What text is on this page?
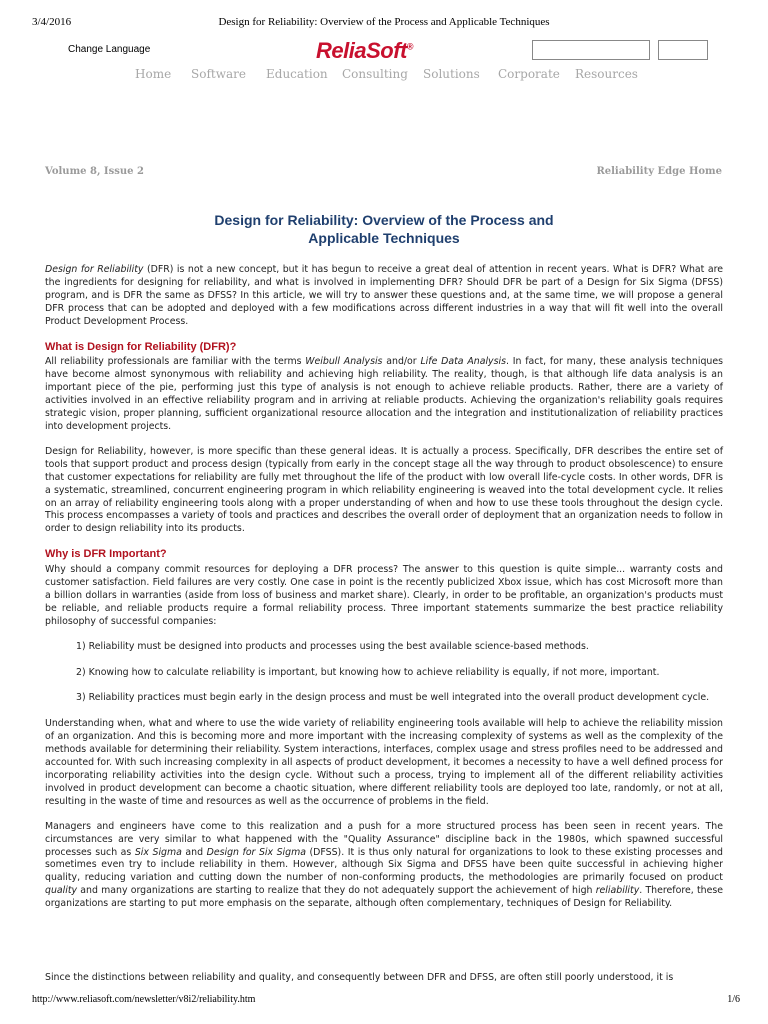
3/4/2016	Design for Reliability: Overview of the Process and Applicable Techniques
Change Language	ReliaSoft®
Home Software Education Consulting Solutions Corporate Resources
Volume 8, Issue 2	Reliability Edge Home
Design for Reliability: Overview of the Process and
Applicable Techniques

Design for Reliability (DFR) is not a new concept, but it has begun to receive a great deal of attention in recent years. What is DFR? What are the ingredients for designing for reliability, and what is involved in implementing DFR? Should DFR be part of a Design for Six Sigma (DFSS) program, and is DFR the same as DFSS? In this article, we will try to answer these questions and, at the same time, we will propose a general DFR process that can be adopted and deployed with a few modifications across different industries in a way that will fit well into the overall Product Development Process.

What is Design for Reliability (DFR)?

All reliability professionals are familiar with the terms Weibull Analysis and/or Life Data Analysis. In fact, for many, these analysis techniques have become almost synonymous with reliability and achieving high reliability. The reality, though, is that although life data analysis is an important piece of the pie, performing just this type of analysis is not enough to achieve reliable products. Rather, there are a variety of activities involved in an effective reliability program and in arriving at reliable products. Achieving the organization's reliability goals requires strategic vision, proper planning, sufficient organizational resource allocation and the integration and institutionalization of reliability practices into development projects.

Design for Reliability, however, is more specific than these general ideas. It is actually a process. Specifically, DFR describes the entire set of tools that support product and process design (typically from early in the concept stage all the way through to product obsolescence) to ensure that customer expectations for reliability are fully met throughout the life of the product with low overall life-cycle costs. In other words, DFR is a systematic, streamlined, concurrent engineering program in which reliability engineering is weaved into the total development cycle. It relies on an array of reliability engineering tools along with a proper understanding of when and how to use these tools throughout the design cycle. This process encompasses a variety of tools and practices and describes the overall order of deployment that an organization needs to follow in order to design reliability into its products.

Why is DFR Important?

Why should a company commit resources for deploying a DFR process? The answer to this question is quite simple... warranty costs and customer satisfaction. Field failures are very costly. One case in point is the recently publicized Xbox issue, which has cost Microsoft more than a billion dollars in warranties (aside from loss of business and market share). Clearly, in order to be profitable, an organization's products must be reliable, and reliable products require a formal reliability process. Three important statements summarize the best practice reliability philosophy of successful companies:

1) Reliability must be designed into products and processes using the best available science-based methods.
2) Knowing how to calculate reliability is important, but knowing how to achieve reliability is equally, if not more, important.
3) Reliability practices must begin early in the design process and must be well integrated into the overall product development cycle.

Understanding when, what and where to use the wide variety of reliability engineering tools available will help to achieve the reliability mission of an organization. And this is becoming more and more important with the increasing complexity of systems as well as the complexity of the methods available for determining their reliability. System interactions, interfaces, complex usage and stress profiles need to be addressed and accounted for. With such increasing complexity in all aspects of product development, it becomes a necessity to have a well defined process for incorporating reliability activities into the design cycle. Without such a process, trying to implement all of the different reliability activities involved in product development can become a chaotic situation, where different reliability tools are deployed too late, randomly, or not at all, resulting in the waste of time and resources as well as the occurrence of problems in the field.

Managers and engineers have come to this realization and a push for a more structured process has been seen in recent years. The circumstances are very similar to what happened with the "Quality Assurance" discipline back in the 1980s, which spawned successful processes such as Six Sigma and Design for Six Sigma (DFSS). It is thus only natural for organizations to look to these existing processes and sometimes even try to include reliability in them. However, although Six Sigma and DFSS have been quite successful in achieving higher quality, reducing variation and cutting down the number of non-conforming products, the methodologies are primarily focused on product quality and many organizations are starting to realize that they do not adequately support the achievement of high reliability. Therefore, these organizations are starting to put more emphasis on the separate, although often complementary, techniques of Design for Reliability.

Since the distinctions between reliability and quality, and consequently between DFR and DFSS, are often still poorly understood, it is
http://www.reliasoft.com/newsletter/v8i2/reliability.htm	1/6
